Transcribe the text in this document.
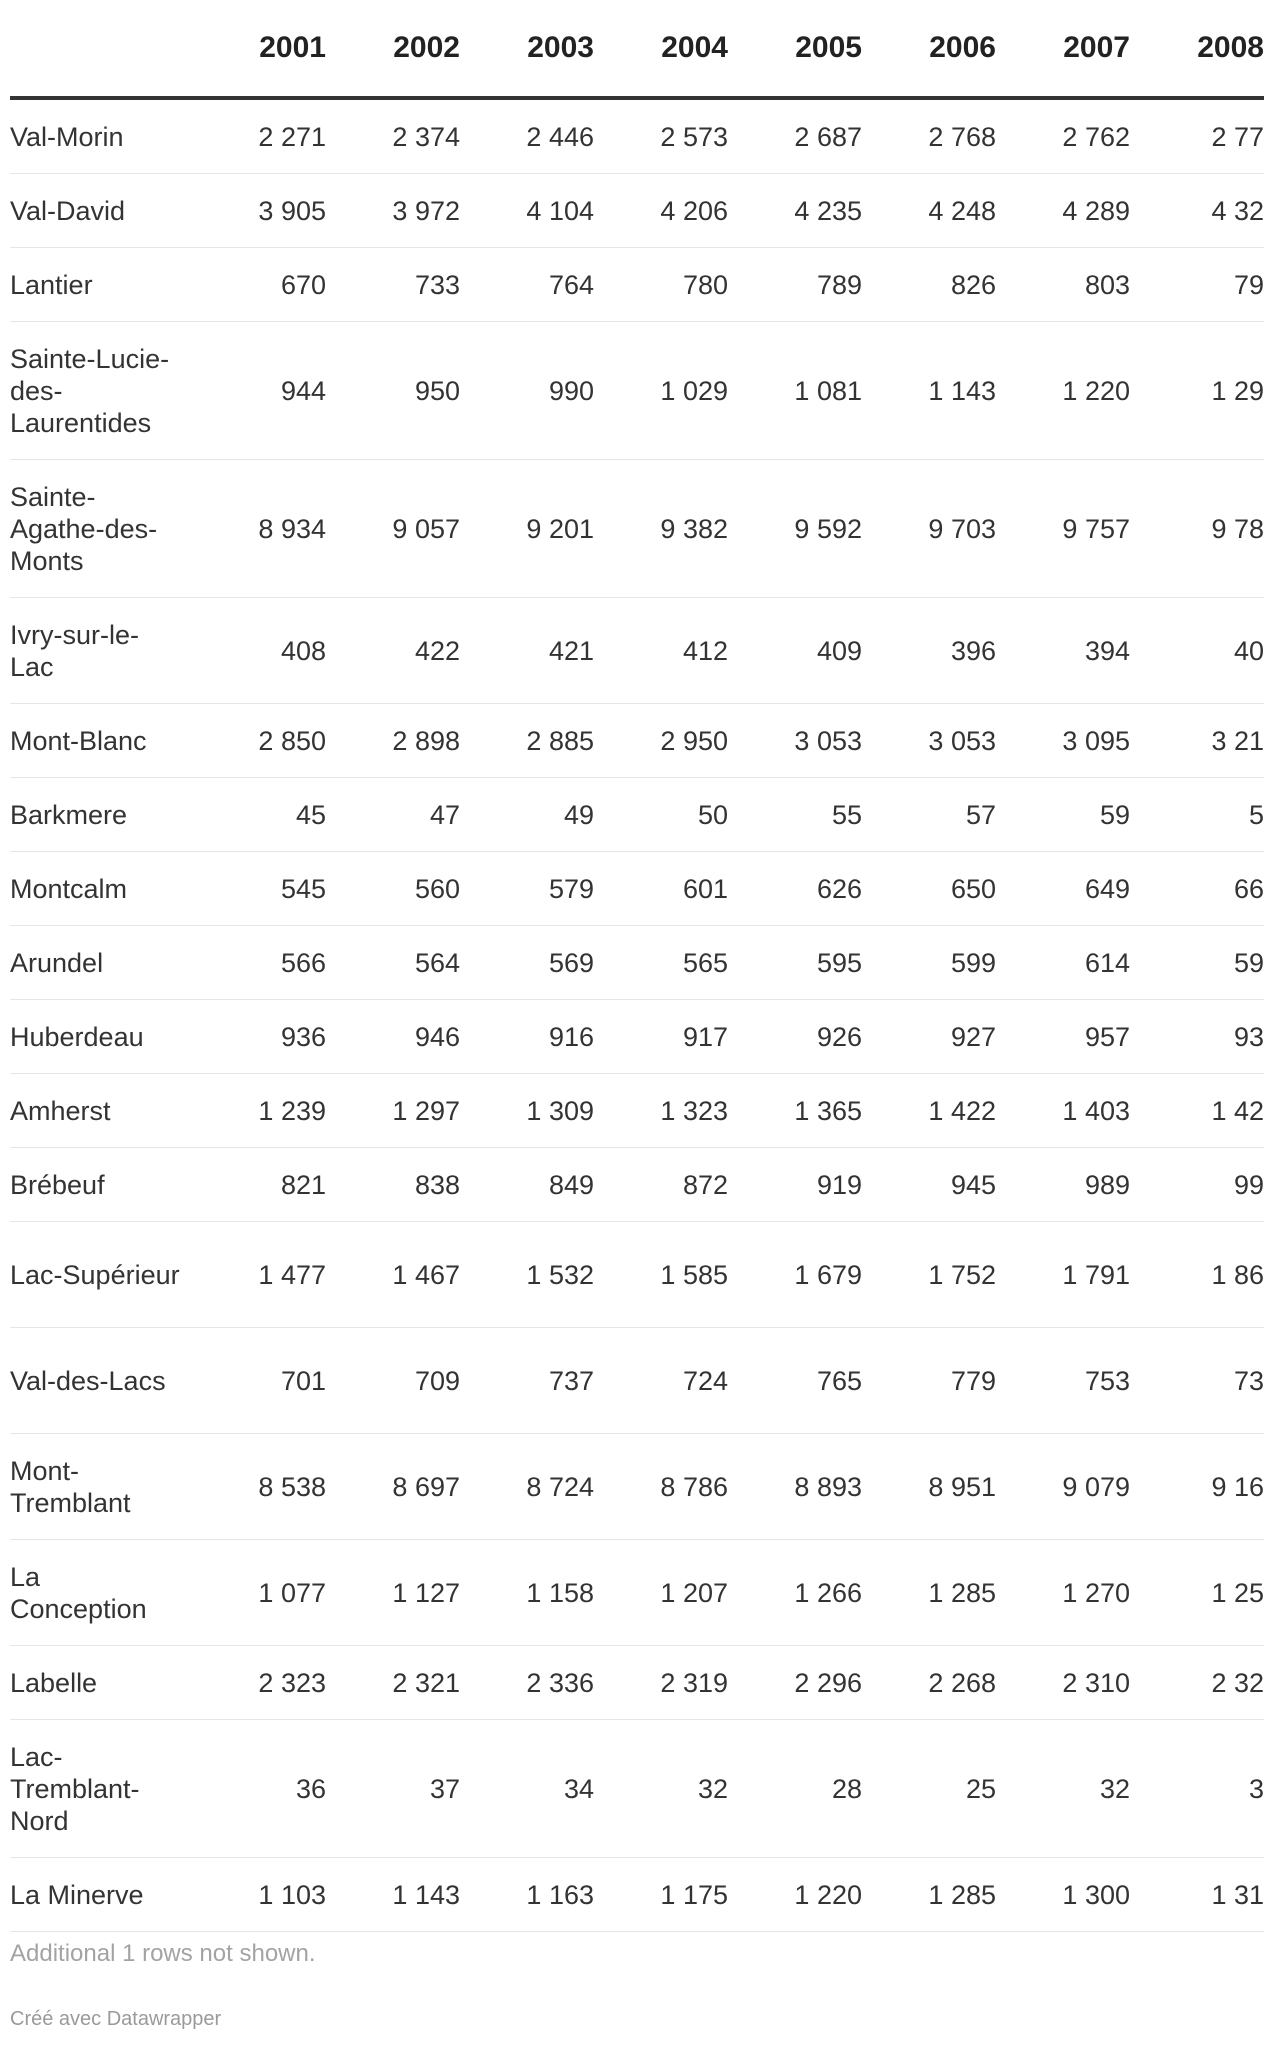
	2001	2002	2003	2004	2005	2006	2007	2008
Val-Morin	2 271	2 374	2 446	2 573	2 687	2 768	2 762	2 77
Val-David	3 905	3 972	4 104	4 206	4 235	4 248	4 289	4 32
Lantier	670	733	764	780	789	826	803	79
Sainte-Lucie-des-Laurentides	944	950	990	1 029	1 081	1 143	1 220	1 29
Sainte-Agathe-des-Monts	8 934	9 057	9 201	9 382	9 592	9 703	9 757	9 78
Ivry-sur-le-Lac	408	422	421	412	409	396	394	40
Mont-Blanc	2 850	2 898	2 885	2 950	3 053	3 053	3 095	3 21
Barkmere	45	47	49	50	55	57	59	5
Montcalm	545	560	579	601	626	650	649	66
Arundel	566	564	569	565	595	599	614	59
Huberdeau	936	946	916	917	926	927	957	93
Amherst	1 239	1 297	1 309	1 323	1 365	1 422	1 403	1 42
Brébeuf	821	838	849	872	919	945	989	99
Lac-Supérieur	1 477	1 467	1 532	1 585	1 679	1 752	1 791	1 86
Val-des-Lacs	701	709	737	724	765	779	753	73
Mont-Tremblant	8 538	8 697	8 724	8 786	8 893	8 951	9 079	9 16
La Conception	1 077	1 127	1 158	1 207	1 266	1 285	1 270	1 25
Labelle	2 323	2 321	2 336	2 319	2 296	2 268	2 310	2 32
Lac-Tremblant-Nord	36	37	34	32	28	25	32	3
La Minerve	1 103	1 143	1 163	1 175	1 220	1 285	1 300	1 31
Additional 1 rows not shown.
Créé avec Datawrapper
